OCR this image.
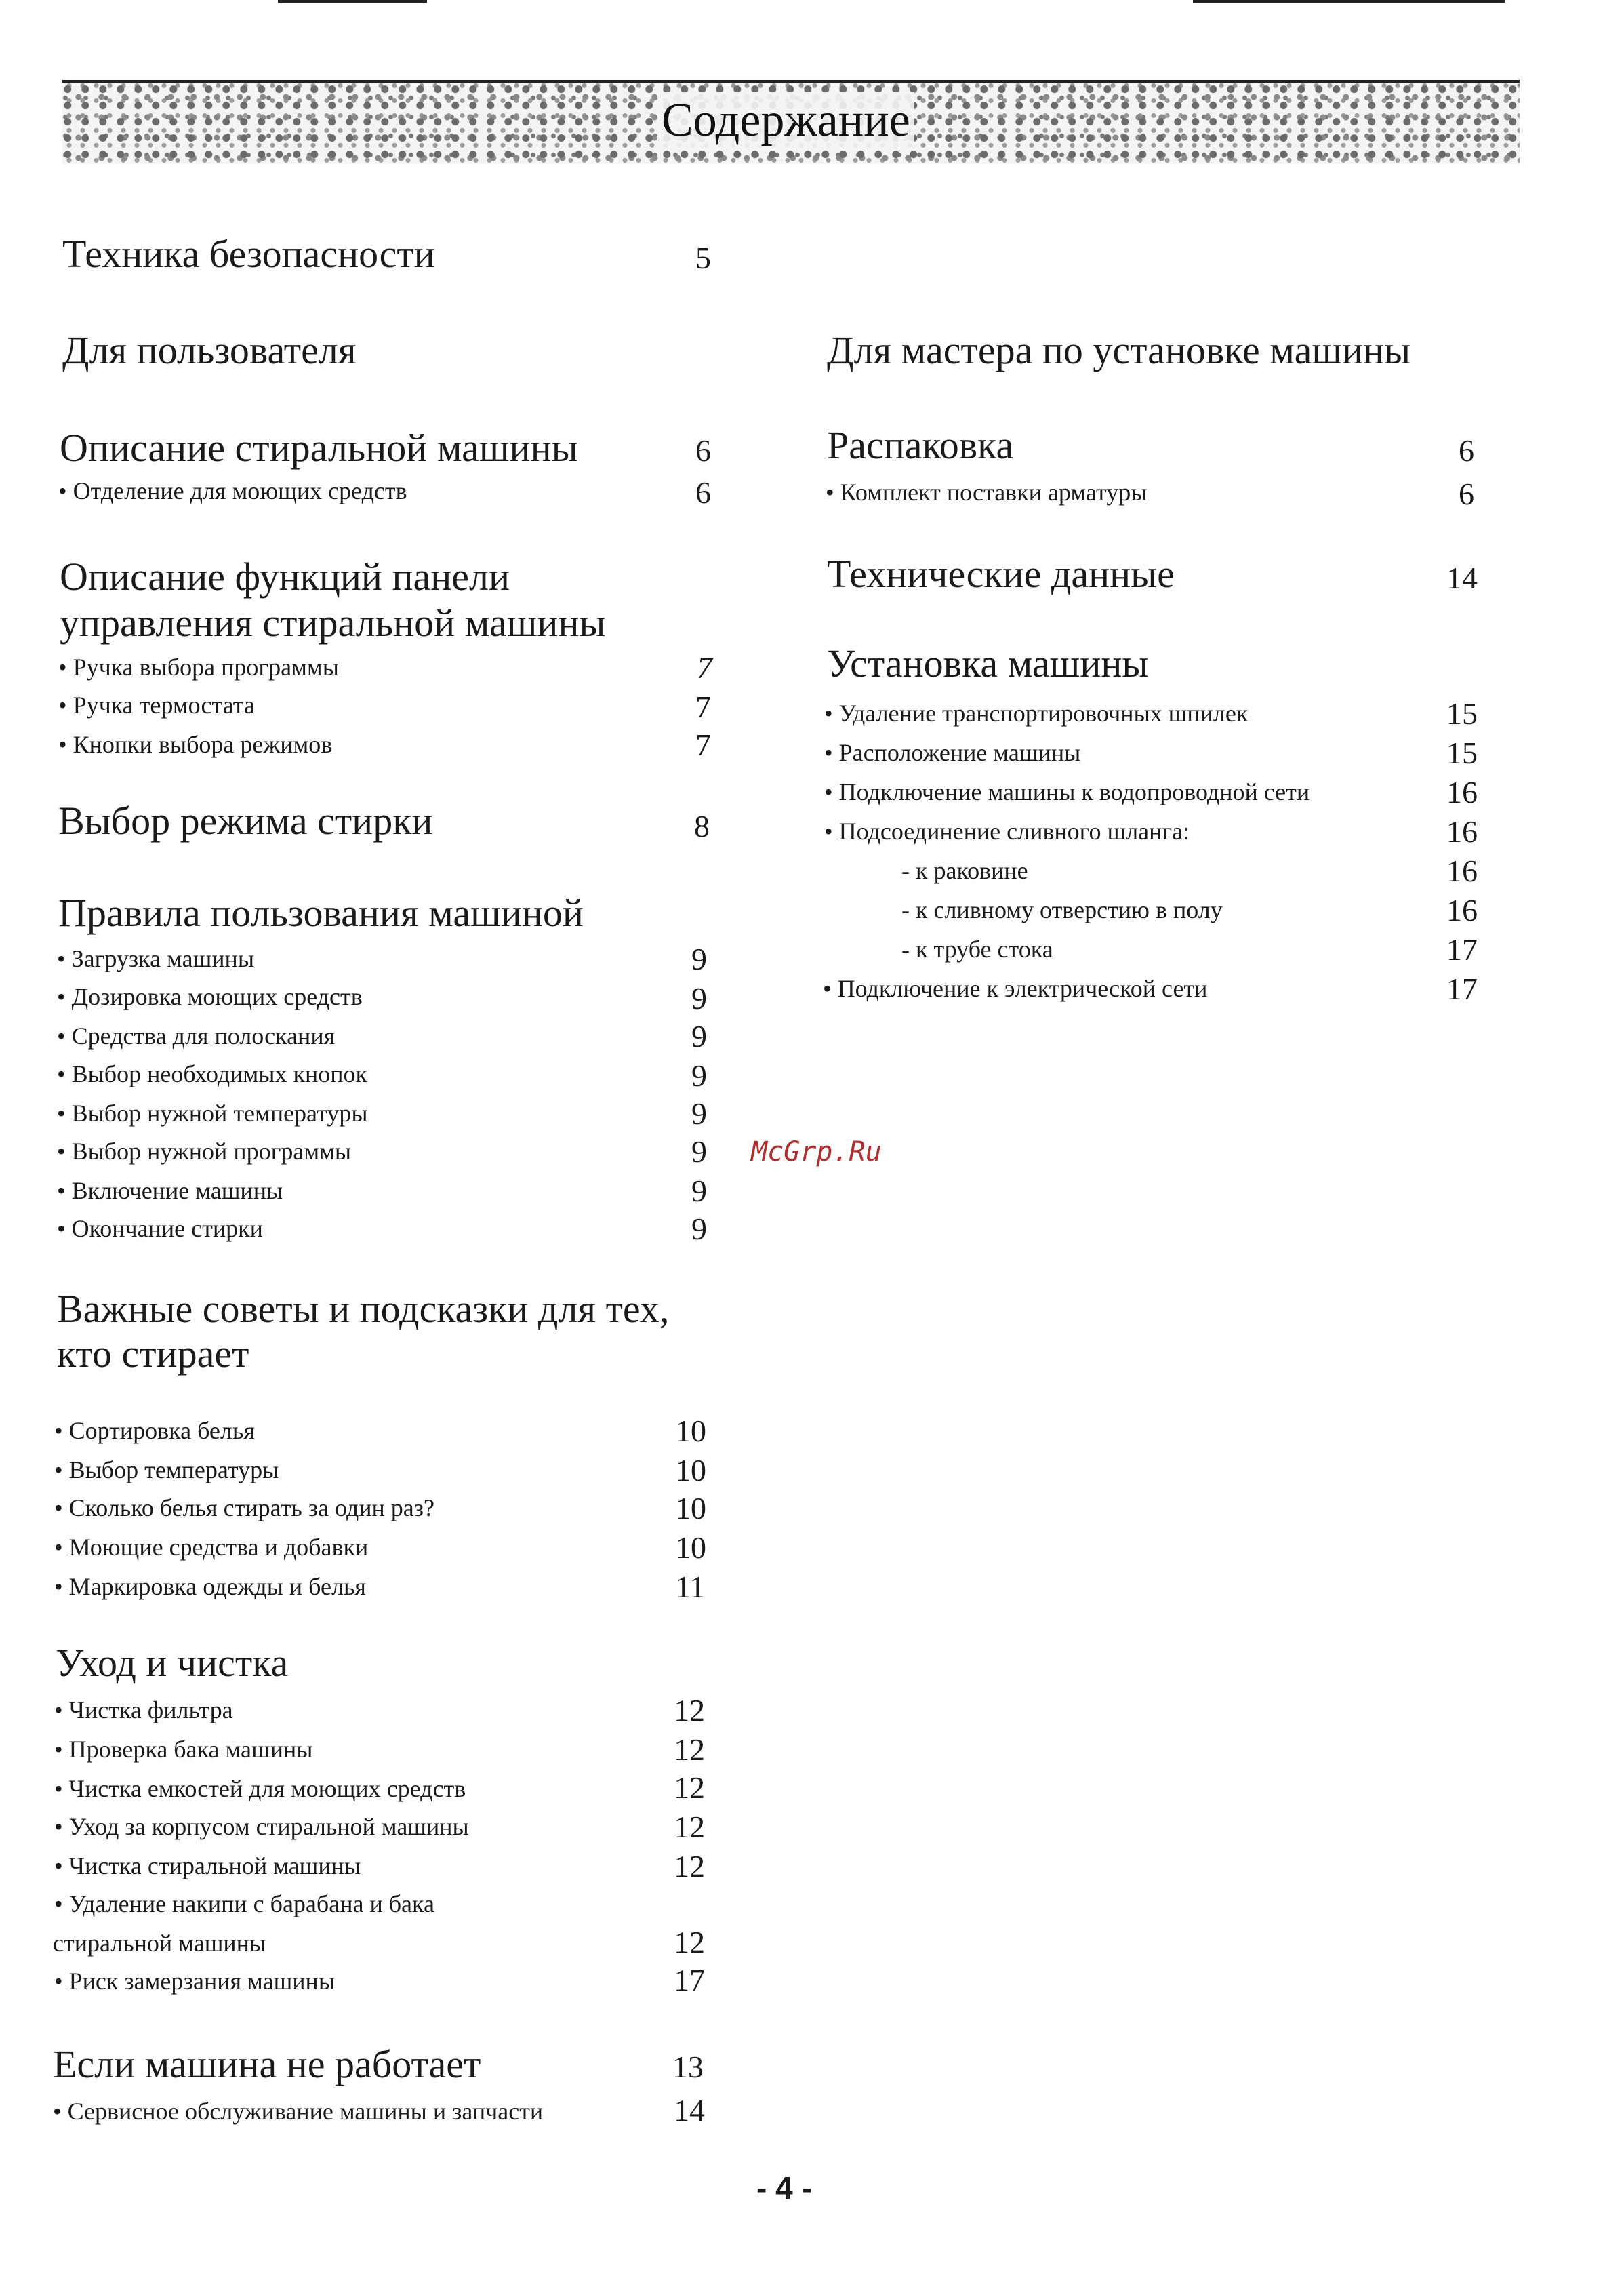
Содержание
Техника безопасности	5
Для пользователя
Описание стиральной машины	6
• Отделение для моющих средств	6
Описание функций панели
управления стиральной машины
• Ручка выбора программы	7
• Ручка термостата	7
• Кнопки выбора режимов	7
Выбор режима стирки	8
Правила пользования машиной
• Загрузка машины	9
• Дозировка моющих средств	9
• Средства для полоскания	9
• Выбор необходимых кнопок	9
• Выбор нужной температуры	9
• Выбор нужной программы	9
• Включение машины	9
• Окончание стирки	9
Важные советы и подсказки для тех,
кто стирает
• Сортировка белья	10
• Выбор температуры	10
• Сколько белья стирать за один раз?	10
• Моющие средства и добавки	10
• Маркировка одежды и белья	11
Уход и чистка
• Чистка фильтра	12
• Проверка бака машины	12
• Чистка емкостей для моющих средств	12
• Уход за корпусом стиральной машины	12
• Чистка стиральной машины	12
• Удаление накипи с барабана и бака
стиральной машины	12
• Риск замерзания машины	17
Если машина не работает	13
• Сервисное обслуживание машины и запчасти	14
Для мастера по установке машины
Распаковка	6
• Комплект поставки арматуры	6
Технические данные	14
Установка машины
• Удаление транспортировочных шпилек	15
• Расположение машины	15
• Подключение машины к водопроводной сети	16
• Подсоединение сливного шланга:	16
- к раковине	16
- к сливному отверстию в полу	16
- к трубе стока	17
• Подключение к электрической сети	17
McGrp.Ru
- 4 -
